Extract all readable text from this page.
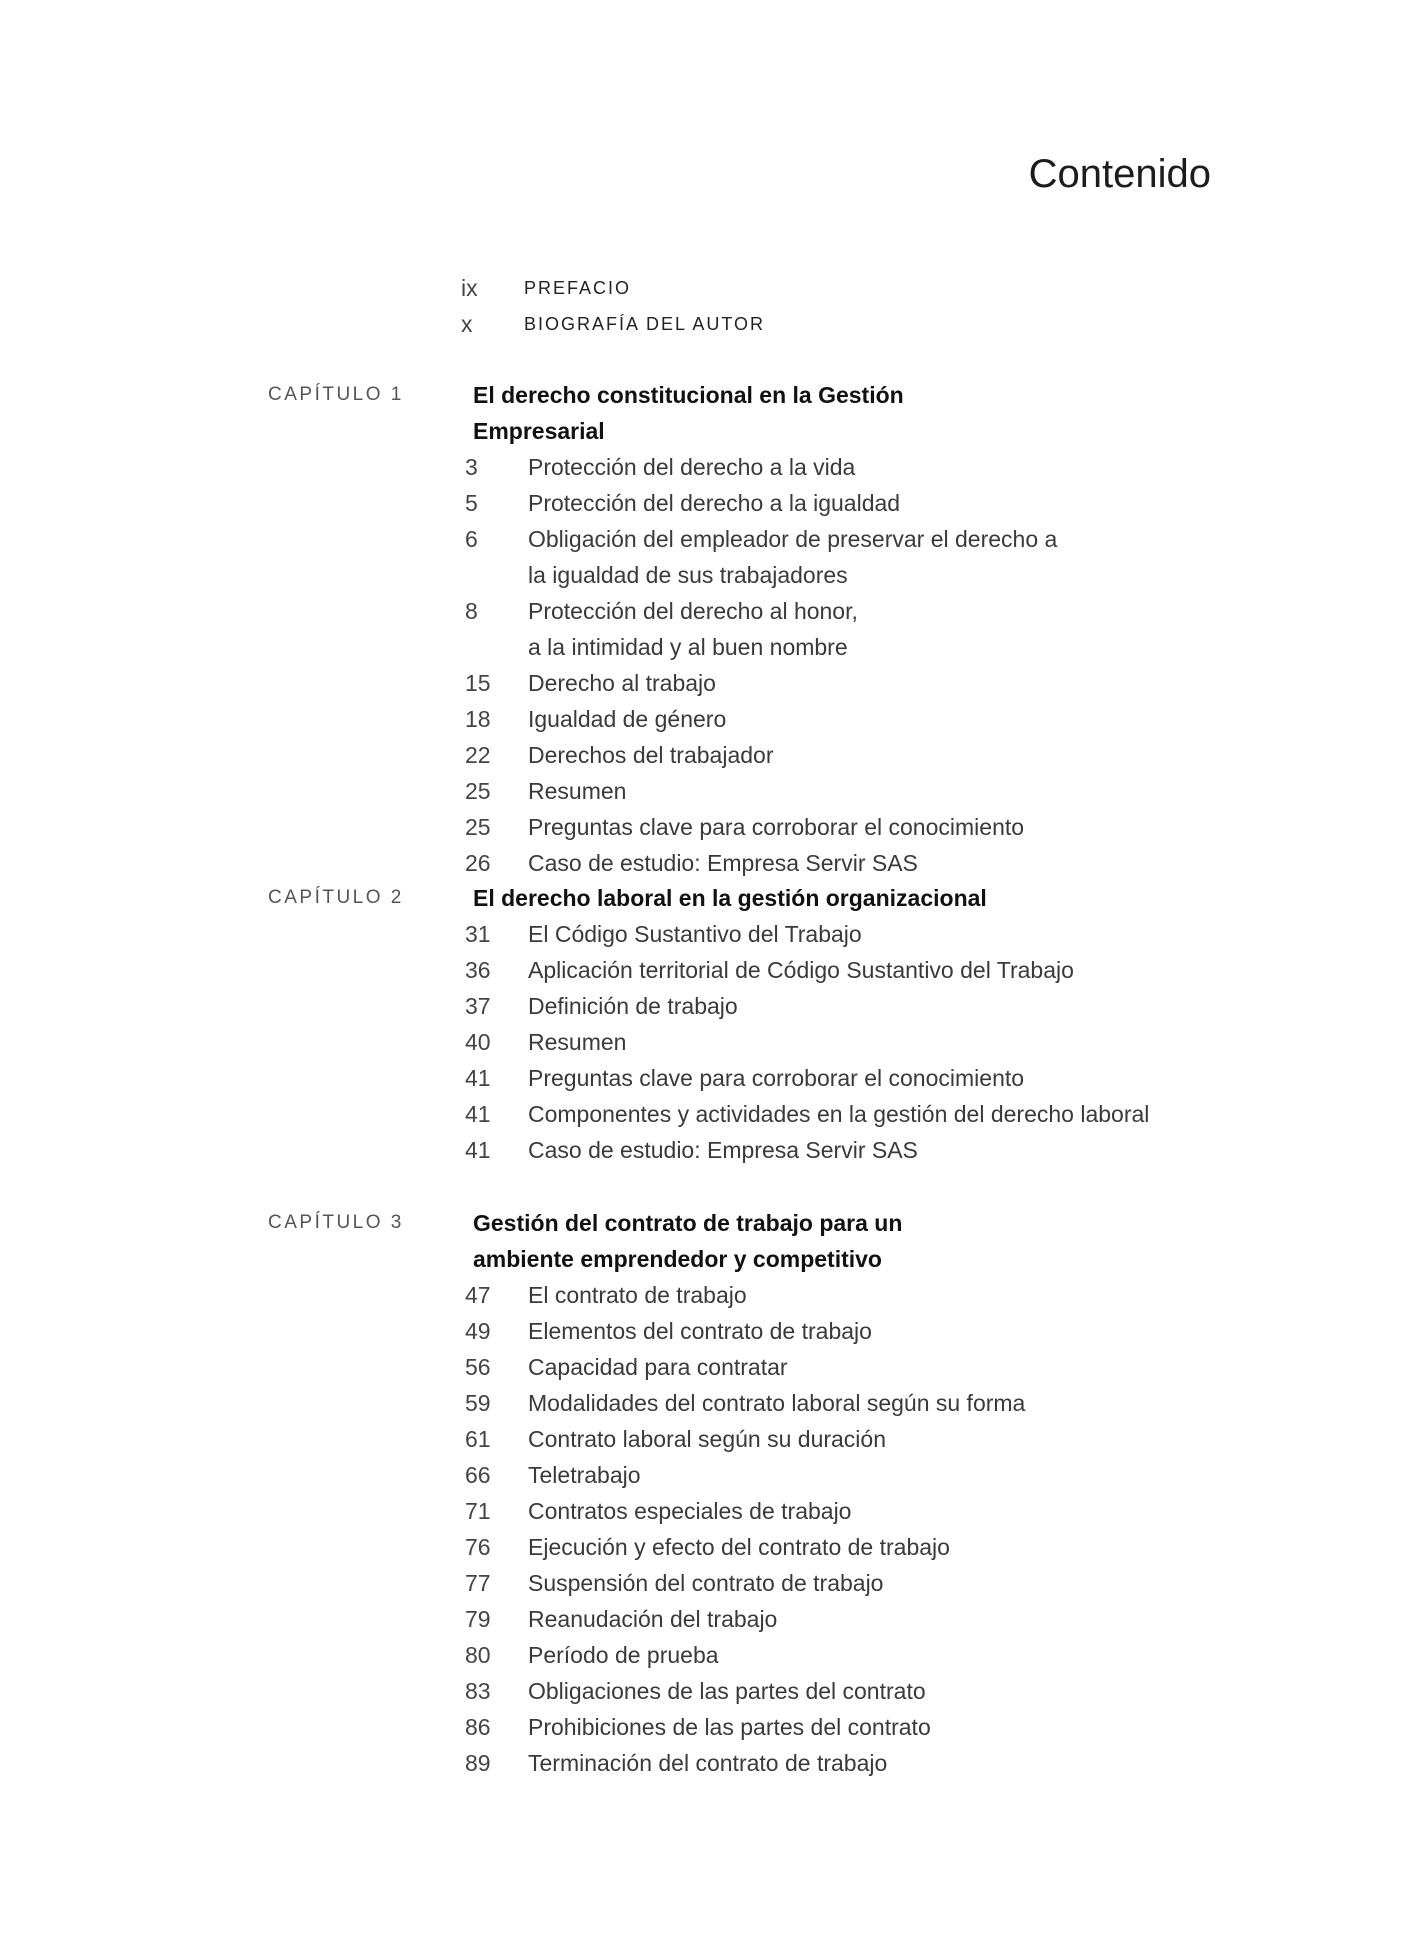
Contenido
ix	PREFACIO
x	BIOGRAFÍA DEL AUTOR
CAPÍTULO 1	El derecho constitucional en la Gestión Empresarial
3	Protección del derecho a la vida
5	Protección del derecho a la igualdad
6	Obligación del empleador de preservar el derecho a la igualdad de sus trabajadores
8	Protección del derecho al honor, a la intimidad y al buen nombre
15	Derecho al trabajo
18	Igualdad de género
22	Derechos del trabajador
25	Resumen
25	Preguntas clave para corroborar el conocimiento
26	Caso de estudio: Empresa Servir SAS
CAPÍTULO 2	El derecho laboral en la gestión organizacional
31	El Código Sustantivo del Trabajo
36	Aplicación territorial de Código Sustantivo del Trabajo
37	Definición de trabajo
40	Resumen
41	Preguntas clave para corroborar el conocimiento
41	Componentes y actividades en la gestión del derecho laboral
41	Caso de estudio: Empresa Servir SAS
CAPÍTULO 3	Gestión del contrato de trabajo para un ambiente emprendedor y competitivo
47	El contrato de trabajo
49	Elementos del contrato de trabajo
56	Capacidad para contratar
59	Modalidades del contrato laboral según su forma
61	Contrato laboral según su duración
66	Teletrabajo
71	Contratos especiales de trabajo
76	Ejecución y efecto del contrato de trabajo
77	Suspensión del contrato de trabajo
79	Reanudación del trabajo
80	Período de prueba
83	Obligaciones de las partes del contrato
86	Prohibiciones de las partes del contrato
89	Terminación del contrato de trabajo
